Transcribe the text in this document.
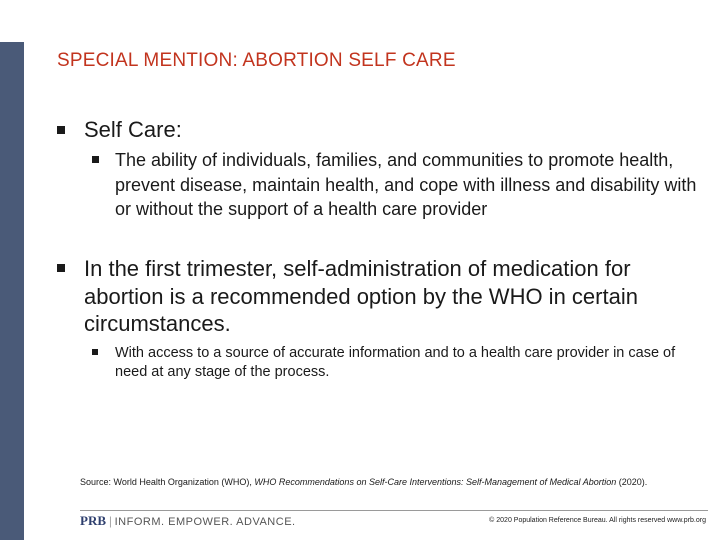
SPECIAL MENTION: ABORTION SELF CARE
Self Care:
The ability of individuals, families, and communities to promote health, prevent disease, maintain health, and cope with illness and disability with or without the support of a health care provider
In the first trimester, self-administration of medication for abortion is a recommended option by the WHO in certain circumstances.
With access to a source of accurate information and to a health care provider in case of need at any stage of the process.
Source: World Health Organization (WHO), WHO Recommendations on Self-Care Interventions: Self-Management of Medical Abortion (2020).
PRB | INFORM. EMPOWER. ADVANCE.	© 2020 Population Reference Bureau. All rights reserved www.prb.org
